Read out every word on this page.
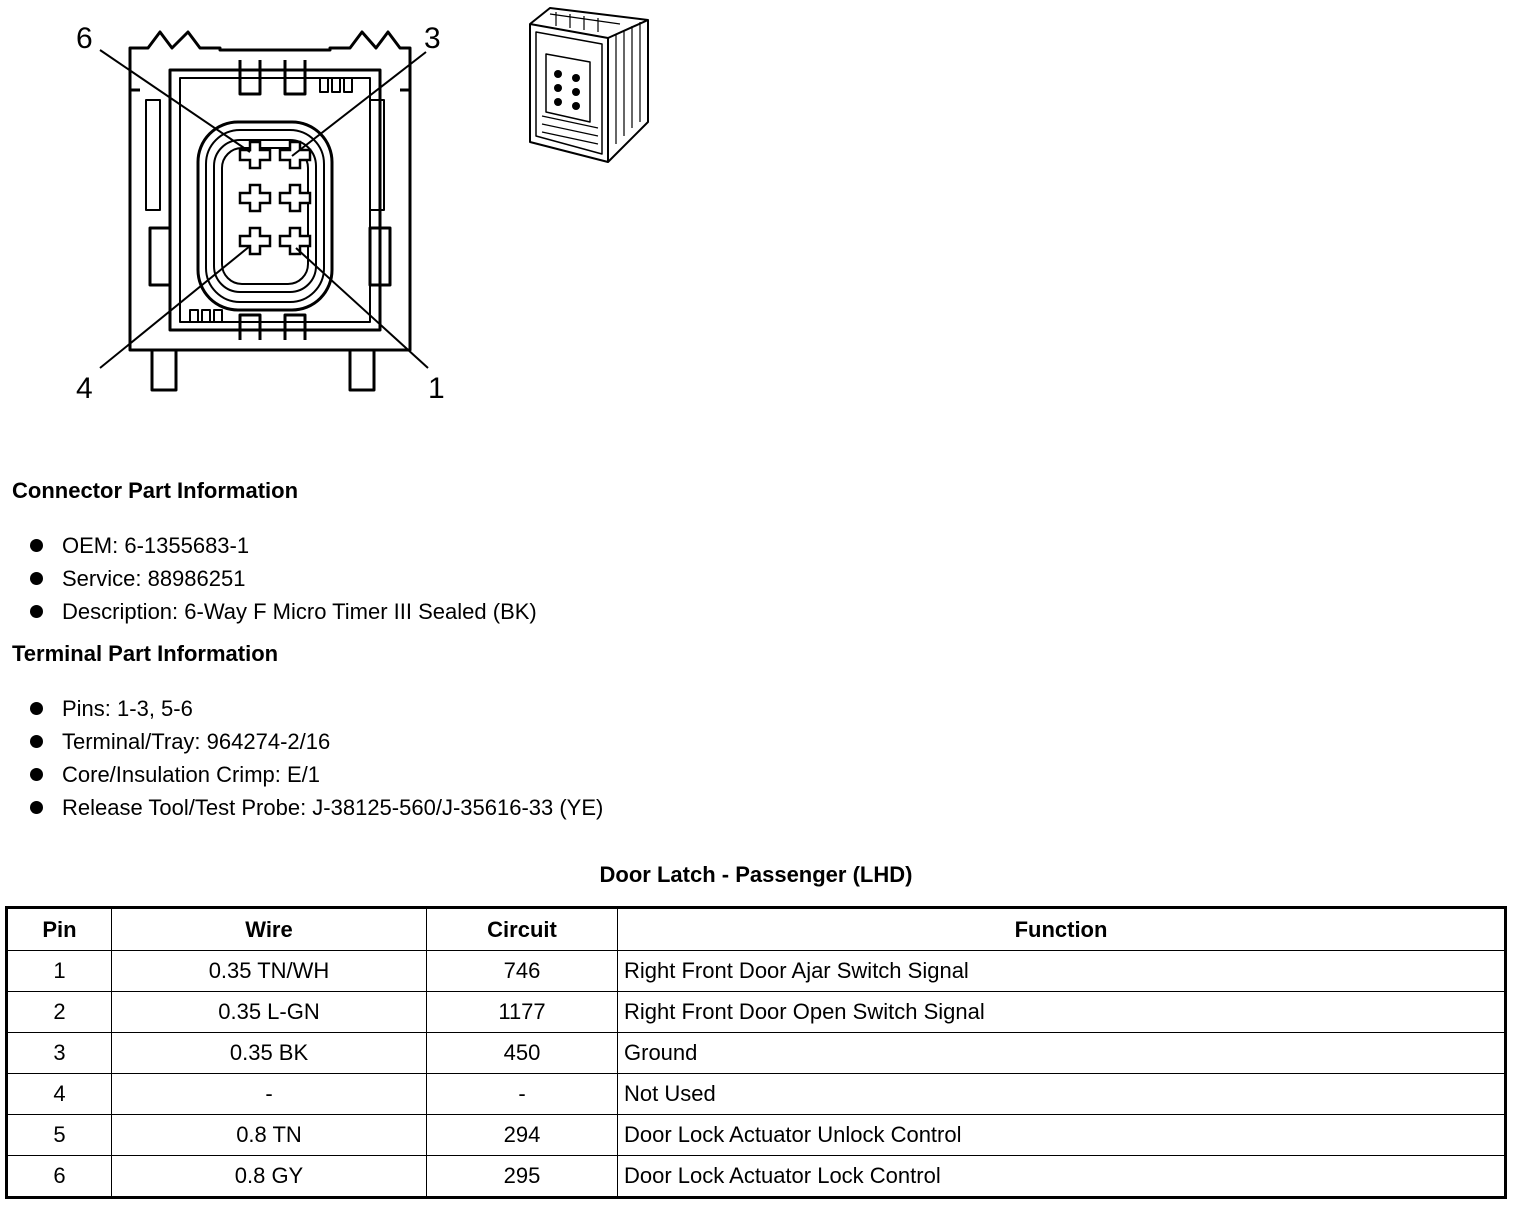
6	3
4	1
Connector Part Information
OEM: 6-1355683-1
Service: 88986251
Description: 6-Way F Micro Timer III Sealed (BK)
Terminal Part Information
Pins: 1-3, 5-6
Terminal/Tray: 964274-2/16
Core/Insulation Crimp: E/1
Release Tool/Test Probe: J-38125-560/J-35616-33 (YE)
Door Latch - Passenger (LHD)
Pin	Wire	Circuit	Function
1	0.35 TN/WH	746	Right Front Door Ajar Switch Signal
2	0.35 L-GN	1177	Right Front Door Open Switch Signal
3	0.35 BK	450	Ground
4	-	-	Not Used
5	0.8 TN	294	Door Lock Actuator Unlock Control
6	0.8 GY	295	Door Lock Actuator Lock Control
